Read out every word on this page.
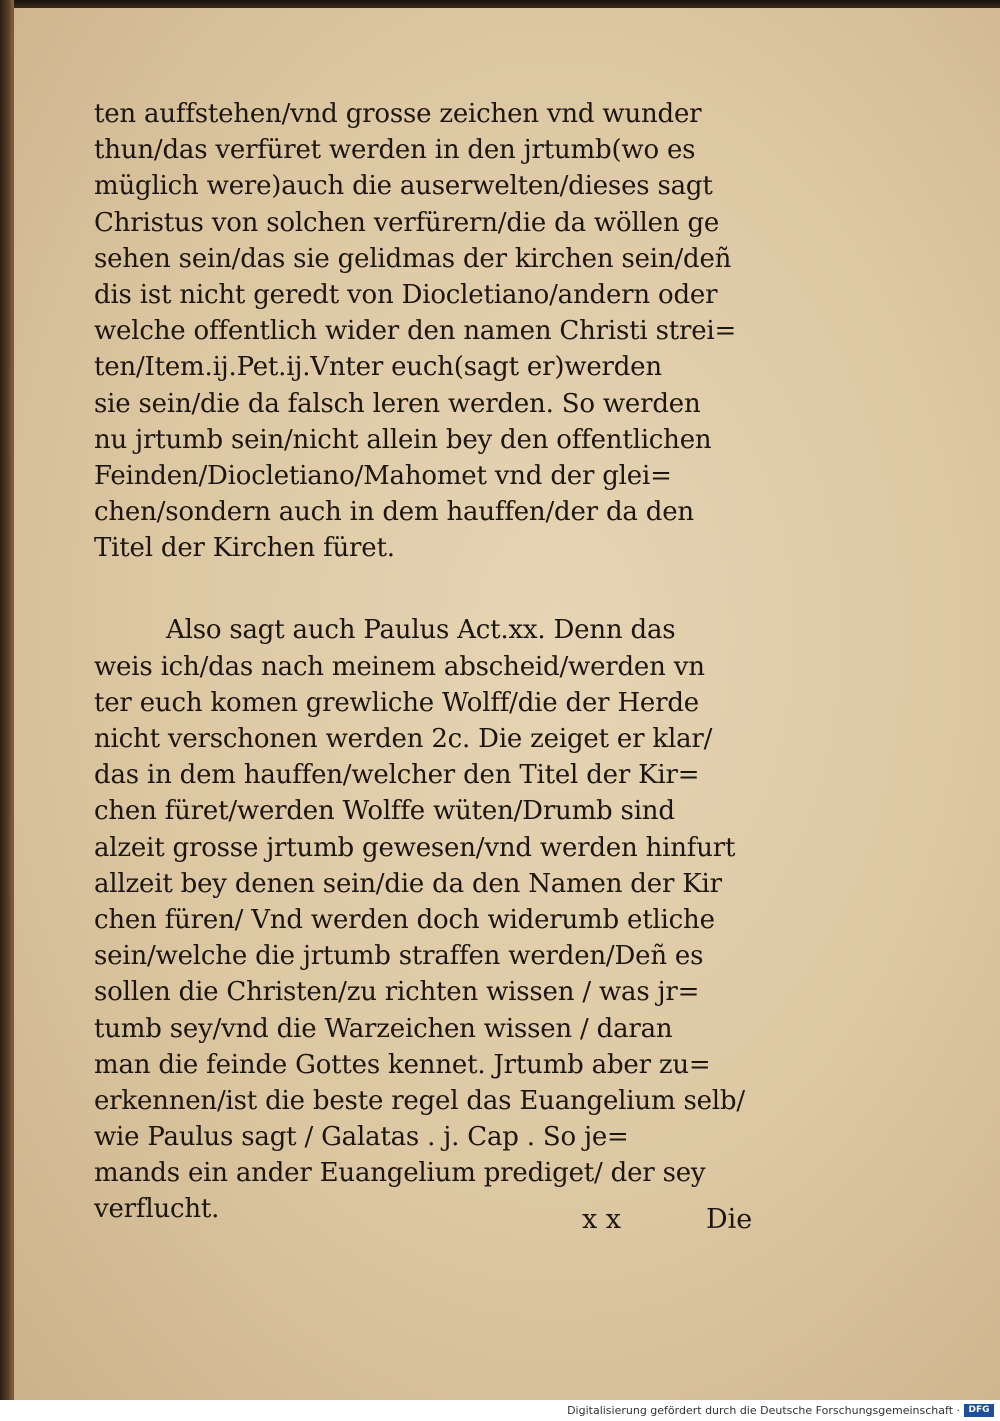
ten auffstehen/vnd grosse zeichen vnd wunder
thun/das verfüret werden in den jrtumb(wo es
müglich were)auch die auserwelten/dieses sagt
Christus von solchen verfürern/die da wöllen ge
sehen sein/das sie gelidmas der kirchen sein/deñ
dis ist nicht geredt von Diocletiano/andern oder
welche offentlich wider den namen Christi strei=
ten/Item.ij.Pet.ij.Vnter euch(sagt er)werden
sie sein/die da falsch leren werden. So werden
nu jrtumb sein/nicht allein bey den offentlichen
Feinden/Diocletiano/Mahomet vnd der glei=
chen/sondern auch in dem hauffen/der da den
Titel der Kirchen füret.
Also sagt auch Paulus Act.xx. Denn das
weis ich/das nach meinem abscheid/werden vn
ter euch komen grewliche Wolff/die der Herde
nicht verschonen werden 2c. Die zeiget er klar/
das in dem hauffen/welcher den Titel der Kir=
chen füret/werden Wolffe wüten/Drumb sind
alzeit grosse jrtumb gewesen/vnd werden hinfurt
allzeit bey denen sein/die da den Namen der Kir
chen füren/ Vnd werden doch widerumb etliche
sein/welche die jrtumb straffen werden/Deñ es
sollen die Christen/zu richten wissen / was jr=
tumb sey/vnd die Warzeichen wissen / daran
man die feinde Gottes kennet. Jrtumb aber zu=
erkennen/ist die beste regel das Euangelium selb/
wie Paulus sagt / Galatas . j. Cap . So je=
mands ein ander Euangelium prediget/ der sey
verflucht.	x x	Die
Digitalisierung gefördert durch die Deutsche Forschungsgemeinschaft · DFG
